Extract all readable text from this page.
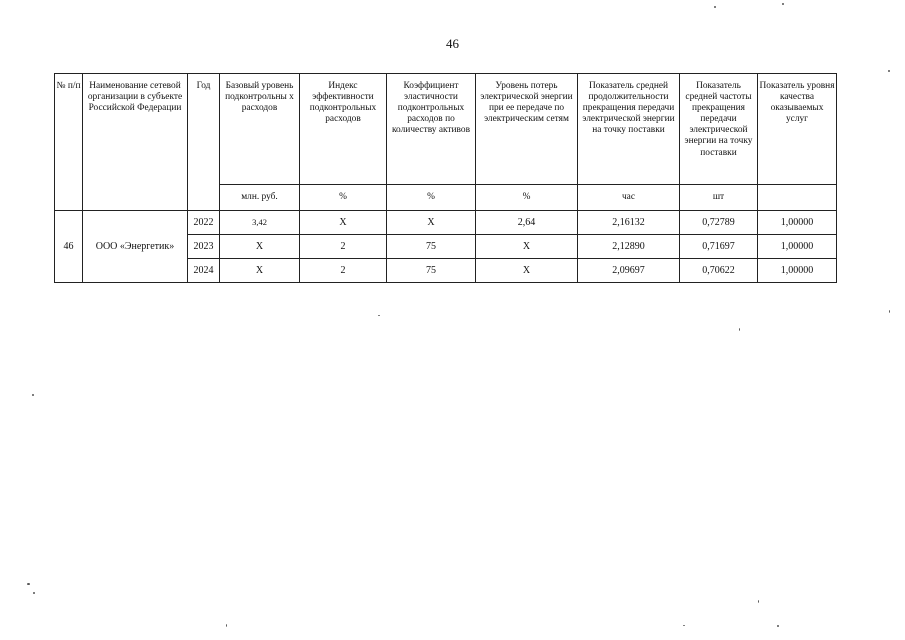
46
№ п/п	Наименование сетевой организации в субъекте Российской Федерации	Год	Базовый уровень подконтрольны х расходов	Индекс эффективности подконтрольных расходов	Коэффициент эластичности подконтрольных расходов по количеству активов	Уровень потерь электрической энергии при ее передаче по электрическим сетям	Показатель средней продолжительности прекращения передачи электрической энергии на точку поставки	Показатель средней частоты прекращения передачи электрической энергии на точку поставки	Показатель уровня качества оказываемых услуг
			млн. руб.	%	%	%	час	шт	
46	ООО «Энергетик»	2022	3,42	Х	Х	2,64	2,16132	0,72789	1,00000
		2023	Х	2	75	Х	2,12890	0,71697	1,00000
		2024	Х	2	75	Х	2,09697	0,70622	1,00000
